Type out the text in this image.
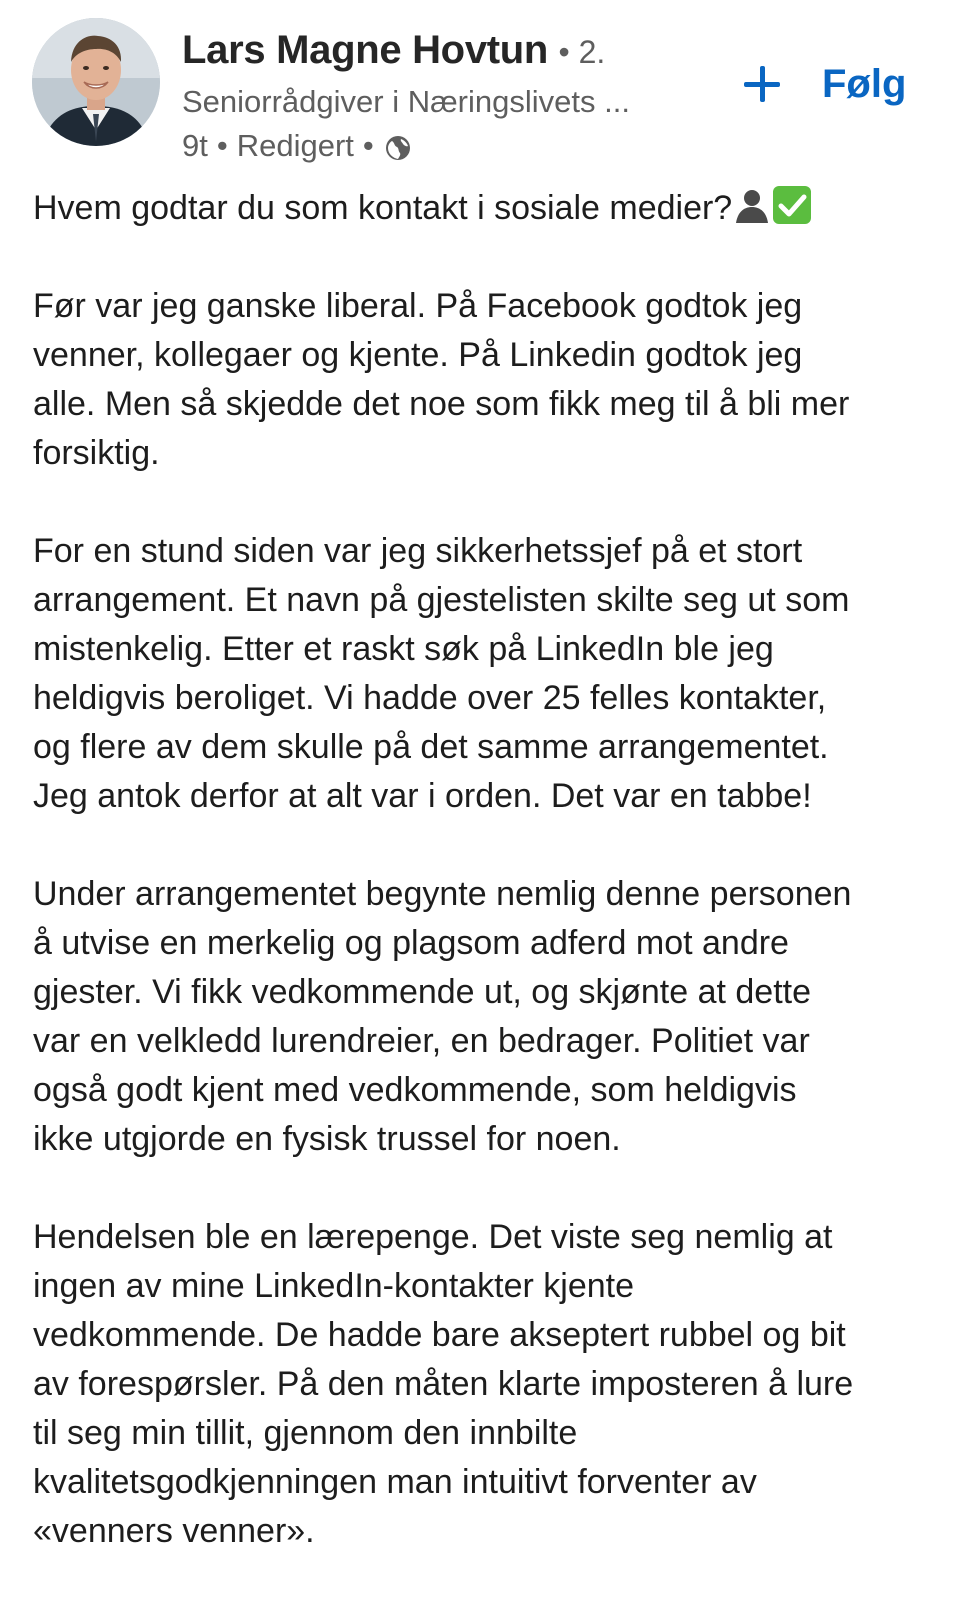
Lars Magne Hovtun • 2.
Seniorrådgiver i Næringslivets ...
9t • Redigert •
Følg

Hvem godtar du som kontakt i sosiale medier?

Før var jeg ganske liberal. På Facebook godtok jeg
venner, kollegaer og kjente. På Linkedin godtok jeg
alle. Men så skjedde det noe som fikk meg til å bli mer
forsiktig.

For en stund siden var jeg sikkerhetssjef på et stort
arrangement. Et navn på gjestelisten skilte seg ut som
mistenkelig. Etter et raskt søk på LinkedIn ble jeg
heldigvis beroliget. Vi hadde over 25 felles kontakter,
og flere av dem skulle på det samme arrangementet.
Jeg antok derfor at alt var i orden. Det var en tabbe!

Under arrangementet begynte nemlig denne personen
å utvise en merkelig og plagsom adferd mot andre
gjester. Vi fikk vedkommende ut, og skjønte at dette
var en velkledd lurendreier, en bedrager. Politiet var
også godt kjent med vedkommende, som heldigvis
ikke utgjorde en fysisk trussel for noen.

Hendelsen ble en lærepenge. Det viste seg nemlig at
ingen av mine LinkedIn-kontakter kjente
vedkommende. De hadde bare akseptert rubbel og bit
av forespørsler. På den måten klarte imposteren å lure
til seg min tillit, gjennom den innbilte
kvalitetsgodkjenningen man intuitivt forventer av
«venners venner».
